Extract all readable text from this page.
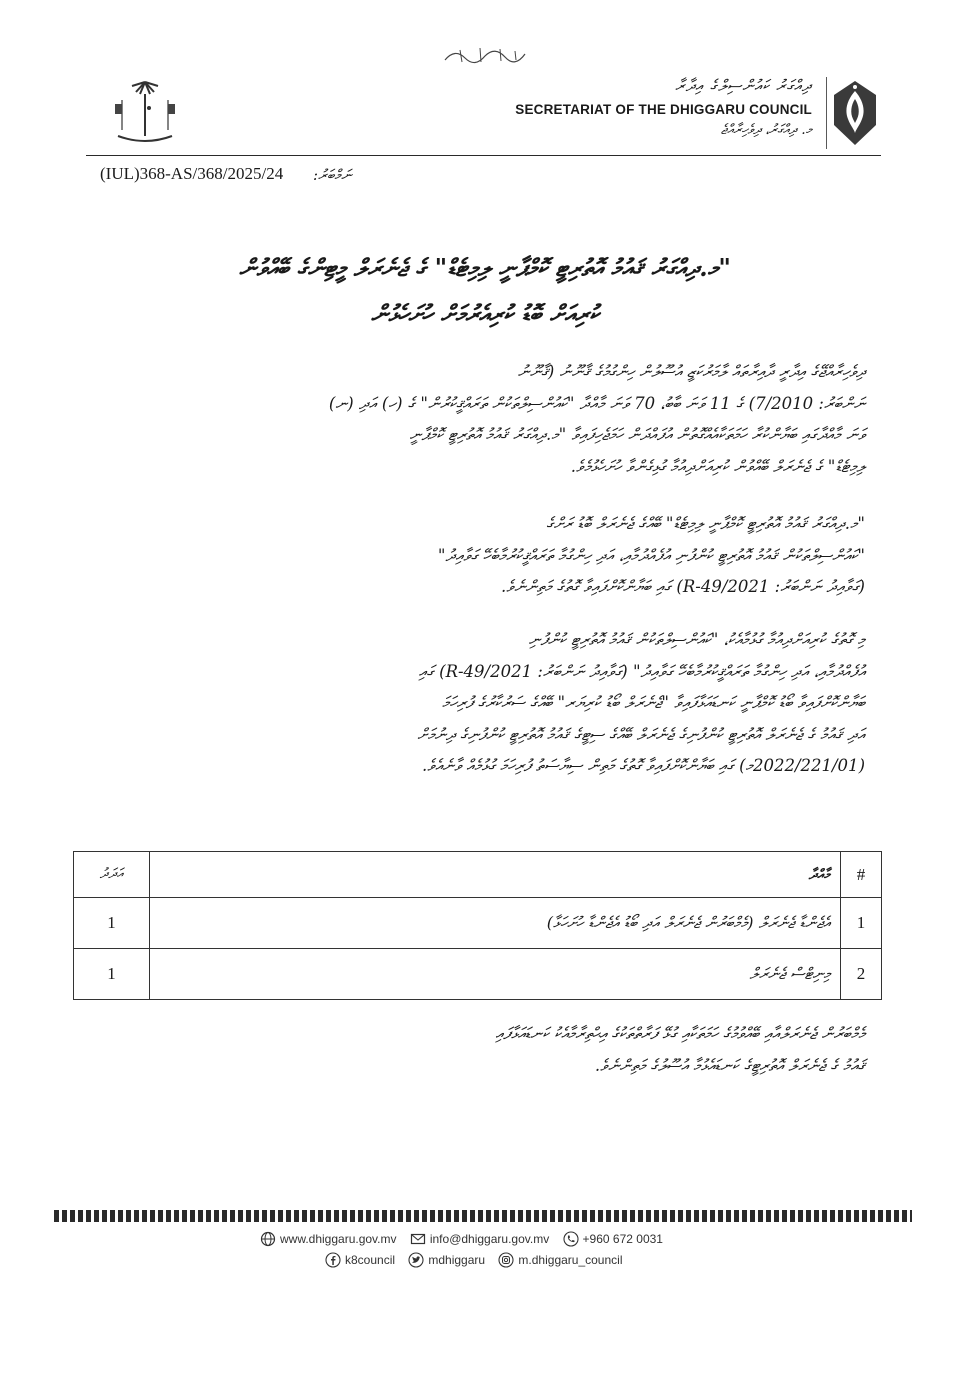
ދިއްގަރު ކައުންސިލްގެ އިދާރާ
SECRETARIAT OF THE DHIGGARU COUNCIL
މ. ދިއްގަރު، ދިވެހިރާއްޖެ
(IUL)368-AS/368/2025/24 ނަމްބަރު:
"މ.ދިއްގަރު ޤައުމު އޮތުރިޓީ ކޮމްޕާނީ ލިމިޓެޑް" ގެ ޖެނެރަލް މީޓިންގެ ބޭއްވުން
ކުރިއަށް ބޮޑު ކުރިއެރުމަށް ހުށަހެޅުން
ދިވެހިރާއްޖޭގެ އިދާރީ ދާއިރާތައް ލާމަރުކަޒީ އުސޫލުން ހިންގުމުގެ ޤާނޫނު (ޤާނޫނު
ނަންބަރު: 7/2010) ގެ 11 ވަނަ ބާބު، 70 ވަނަ މާއްދާ "ކައުންސިލްތަކުން ތަރައްޤީކުރުން" ގެ (ހ) އަދި (ނ)
ވަނަ މާއްދާގައި ބަޔާންކުރާ ހަމަތަކާއެއްގޮތުން އުފައްދަން ހަމަޖެހިފައިވާ "މ.ދިއްގަރު ޤައުމު އޮތުރިޓީ ކޮމްޕާނީ
ލިމިޓެޑް" ގެ ޖެނެރަލް ބޭއްވުން ކުރިއަށްދިއުމާ ގުޅިގެންވާ ހުށަހެޅުމެވެ.
"މ.ދިއްގަރު ޤައުމު އޮތުރިޓީ ކޮމްޕާނީ ލިމިޓެޑް" ބޭއްގެ ޖެނެރަލް ބޮޑު ރަށްގެ
"ކައުންސިލްތަކުން ޤައުމު އޮތުރިޓީ ކުންފުނި އުފެއްދުމާއި، އަދި ހިންގުމާ ތަރައްޤީކުރުމާބެހޭ ގަވާއިދު"
(ގަވާއިދު ނަންބަރު: R-49/2021) ގައި ބަޔާންކޮށްފައިވާ ގޮތުގެ މަތިންނެވެ.
މި ގޮތުގެ ކުރިއަށްދިއުމާ ގުޅުމާއެކު، "ކައުންސިލްތަކުން ޤައުމު އޮތުރިޓީ ކުންފުނި
އުފެއްދުމާއި، އަދި ހިންގުމާ ތަރައްޤީކުރުމާބެހޭ ގަވާއިދު" (ގަވާއިދު ނަންބަރު: R-49/2021) ގައި
ބަޔާންކޮށްފައިވާ ބޯޑު ކޮމްޕާނީ ކަނޑައަޅާފައިވާ "ޖެނެރަލް ބޯޑު ކުރިޔަރ" ބޭއްގެ ސަރުކާރުގެ ފުރިހަމަ
އަދި ޤައުމު ގެ ޖެނެރަލް އޮތުރިޓީ ކުންފުނިގެ ޖެނެރަލް ބޭއްގެ ސިޓީގެ ޤައުމު އޮތުރިޓީ ކުންފުނިގެ ދިނުމަށް
(2022/221/01މ) ގައި ބަޔާންކޮށްފައިވާ ގޮތުގެ މަތިން ސިޔާސަތު ފުރިހަމަ ގުޅުމެއް ވާނެއެވެ.
އަދަދު	މާއްދާ	#
1	އެޖެންޑާ ޖެނެރަލް (މެމްބަރުން ޖެނެރަލް އަދި ބޯޑު އެޖެންޑާ ހުށަހަޅާ)	1
1	މިނިޓްސް ޖެނެރަލް	2
މެމްބަރުން ޖެނެރަލްއާއި ބޭއްވުމުގެ ހަމަތަކާއި ގުޅޭ ފަރާތްތަކުގެ އިޙްތިރާމާއެކު ކަނޑައަޅާފައި
ޤައުމު ގެ ޖެނެރަލް އޮތުރިޓީގެ ކަނޑައެޅުމާ އުސޫލުގެ މަތިންނެވެ.
www.dhiggaru.gov.mv
	info@dhiggaru.gov.mv
	+960 672 0031
k8council
	mdhiggaru
	m.dhiggaru_council
